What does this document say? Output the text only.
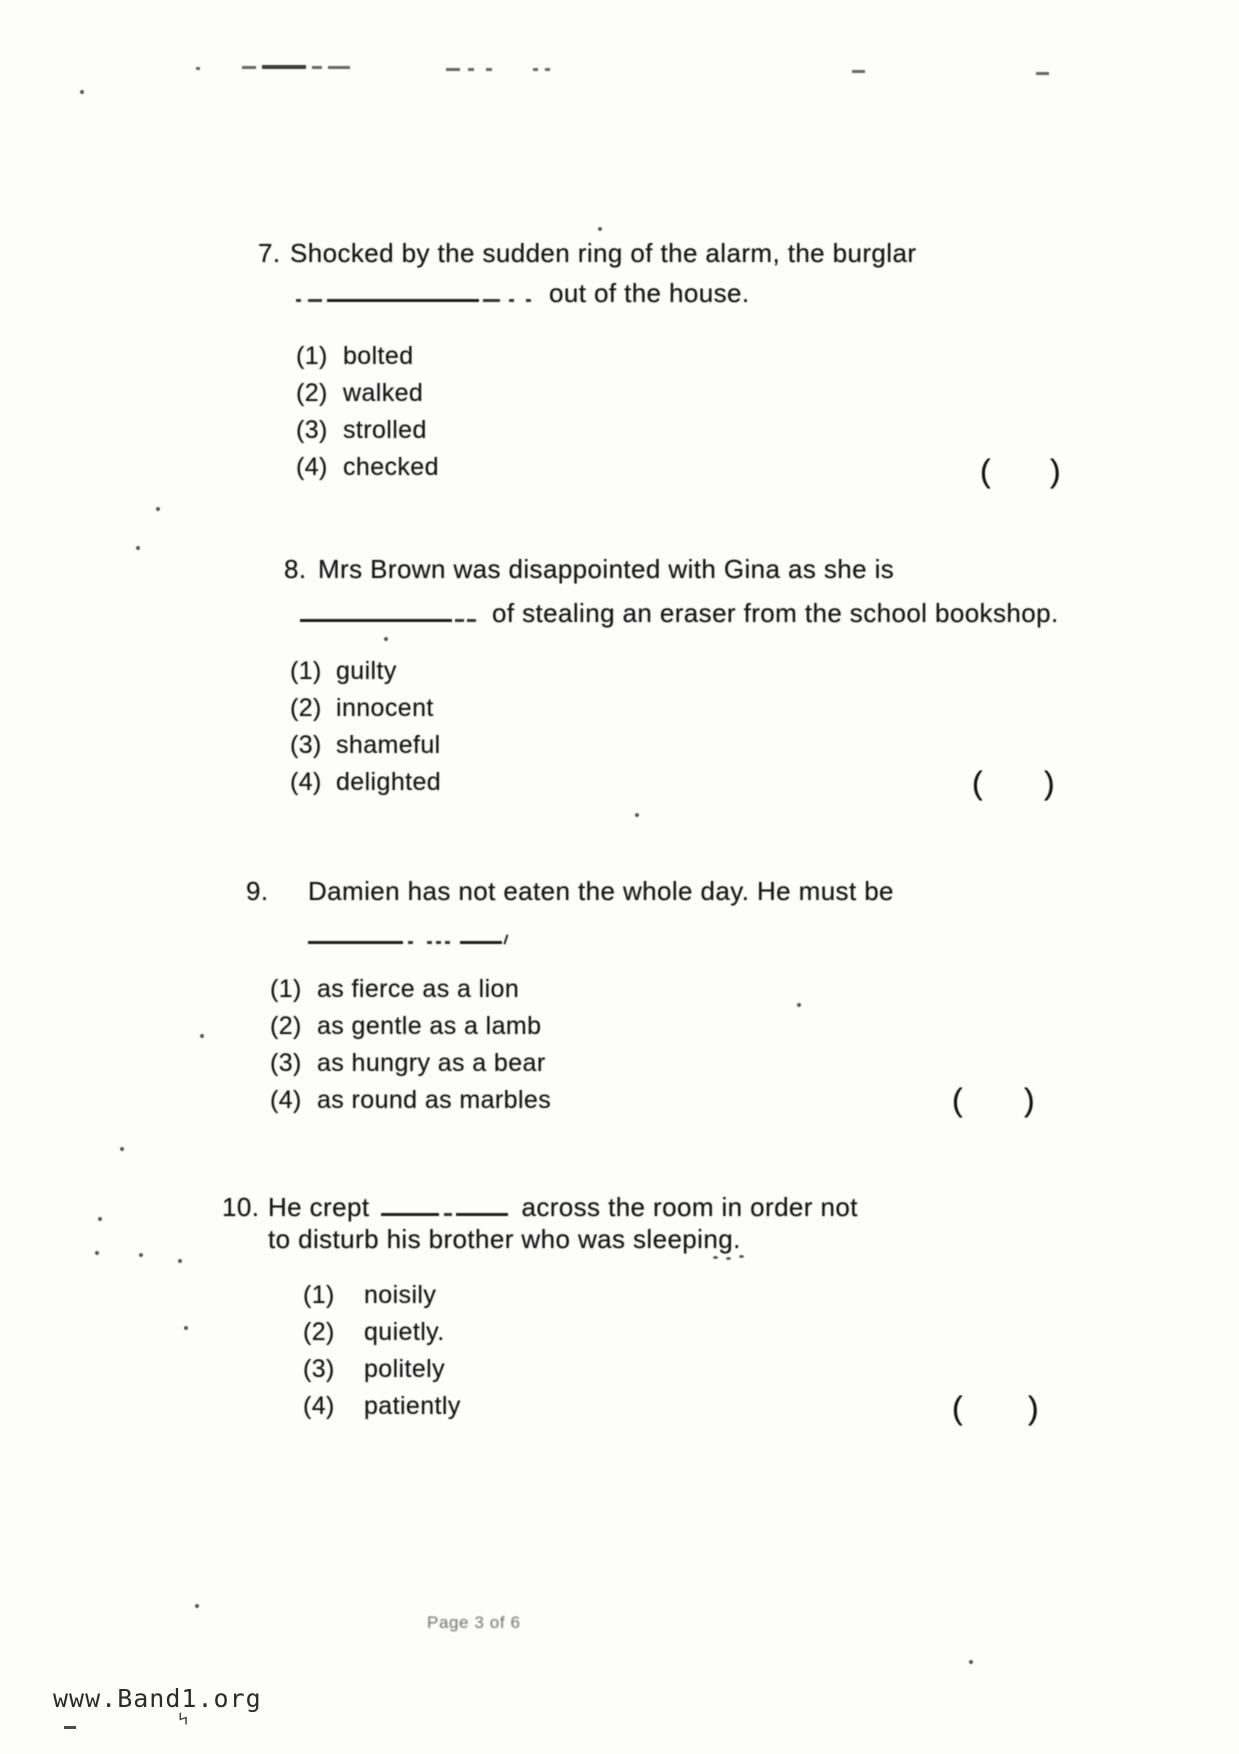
7. Shocked by the sudden ring of the alarm, the burglar
out of the house.
(1) bolted
(2) walked
(3) strolled
(4) checked	( )
8. Mrs Brown was disappointed with Gina as she is
of stealing an eraser from the school bookshop.
(1) guilty
(2) innocent
(3) shameful
(4) delighted	( )
9. Damien has not eaten the whole day. He must be
(1) as fierce as a lion
(2) as gentle as a lamb
(3) as hungry as a bear
(4) as round as marbles	( )
10. He crept	across the room in order not
to disturb his brother who was sleeping.
(1)	noisily
(2)	quietly.
(3)	politely
(4)	patiently	( )
Page 3 of 6
www.Band1.org
ϟ
